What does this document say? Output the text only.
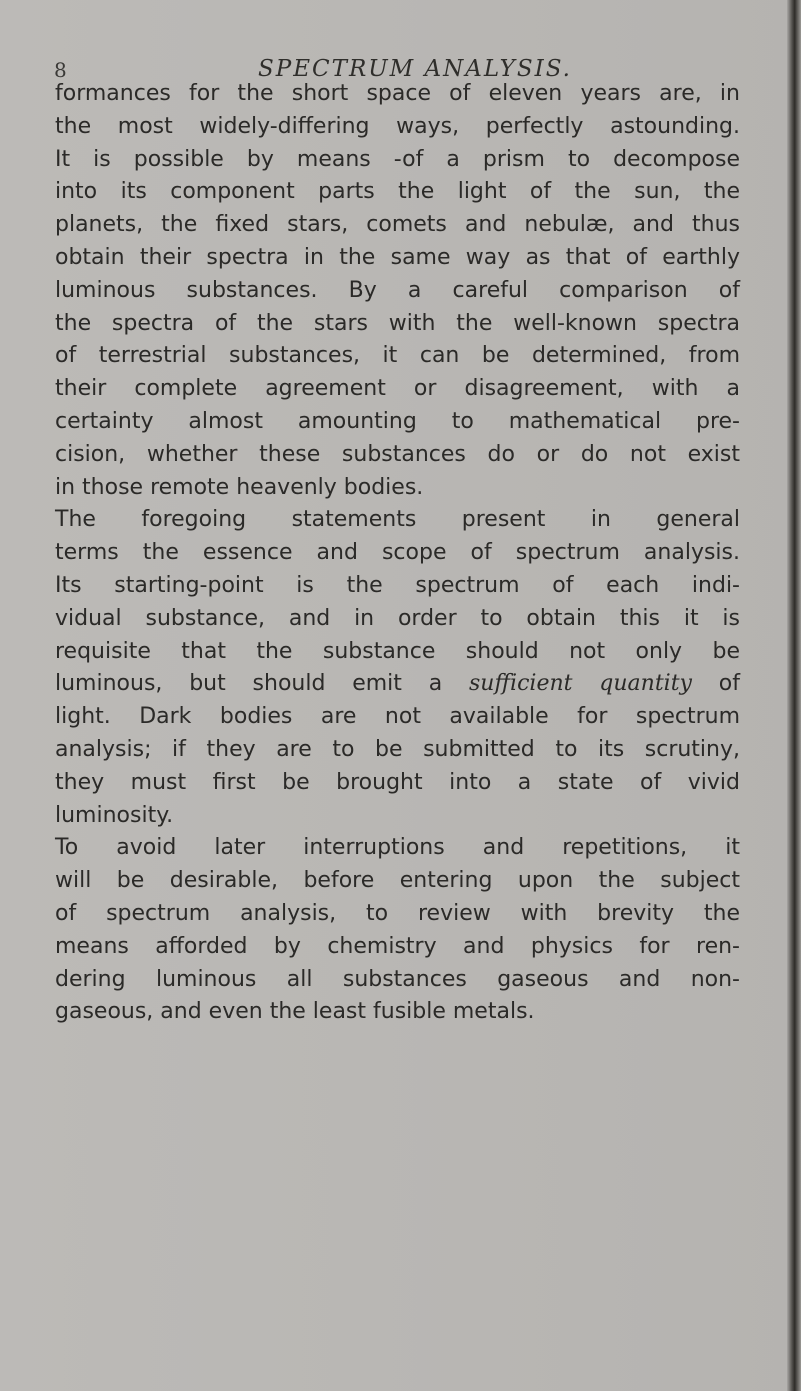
8	SPECTRUM ANALYSIS.
formances for the short space of eleven years are, in
the most widely-differing ways, perfectly astounding.
It is possible by means -of a prism to decompose
into its component parts the light of the sun, the
planets, the fixed stars, comets and nebulæ, and thus
obtain their spectra in the same way as that of earthly
luminous substances. By a careful comparison of
the spectra of the stars with the well-known spectra
of terrestrial substances, it can be determined, from
their complete agreement or disagreement, with a
certainty almost amounting to mathematical pre-
cision, whether these substances do or do not exist
in those remote heavenly bodies.
The foregoing statements present in general
terms the essence and scope of spectrum analysis.
Its starting-point is the spectrum of each indi-
vidual substance, and in order to obtain this it is
requisite that the substance should not only be
luminous, but should emit a sufficient quantity of
light. Dark bodies are not available for spectrum
analysis; if they are to be submitted to its scrutiny,
they must first be brought into a state of vivid
luminosity.
To avoid later interruptions and repetitions, it
will be desirable, before entering upon the subject
of spectrum analysis, to review with brevity the
means afforded by chemistry and physics for ren-
dering luminous all substances gaseous and non-
gaseous, and even the least fusible metals.
